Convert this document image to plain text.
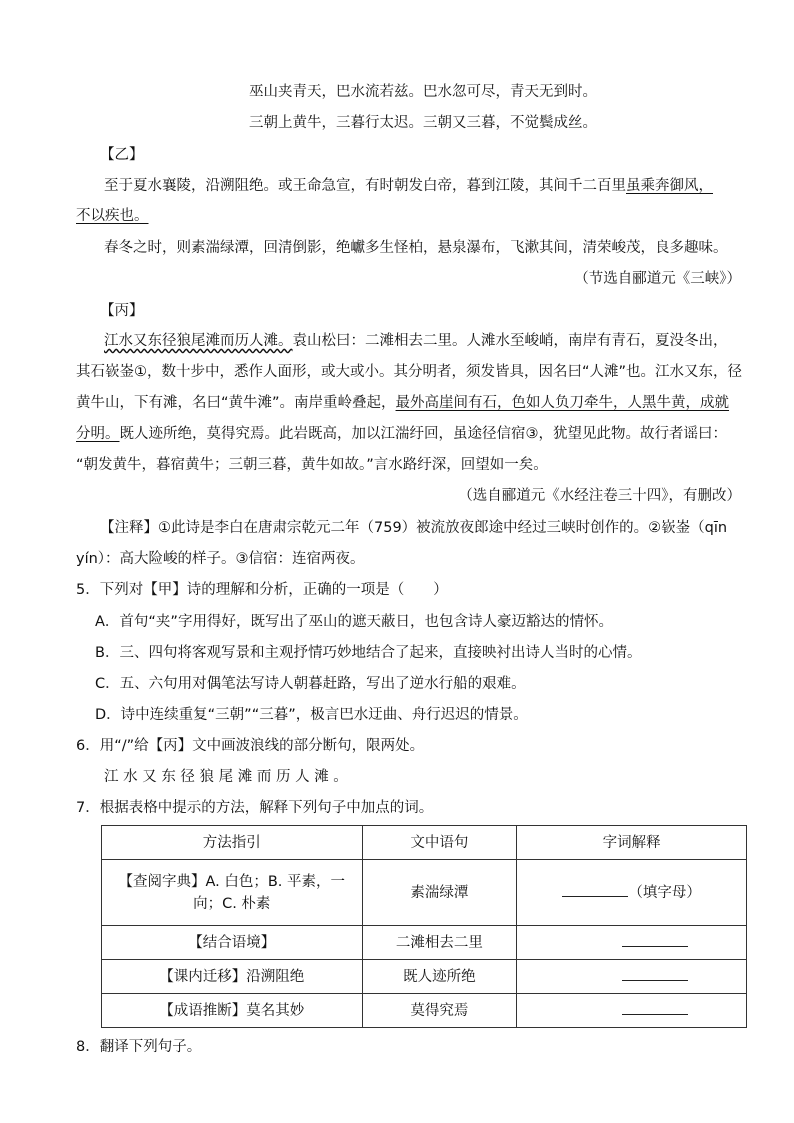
巫山夹青天，巴水流若兹。巴水忽可尽，青天无到时。
三朝上黄牛，三暮行太迟。三朝又三暮，不觉鬓成丝。
【乙】
至于夏水襄陵，沿溯阻绝。或王命急宣，有时朝发白帝，暮到江陵，其间千二百里虽乘奔御风，
不以疾也。
春冬之时，则素湍绿潭，回清倒影，绝巘多生怪柏，悬泉瀑布，飞漱其间，清荣峻茂，良多趣味。
（节选自郦道元《三峡》）
【丙】
江水又东径狼尾滩而历人滩。袁山松曰：二滩相去二里。人滩水至峻峭，南岸有青石，夏没冬出，
其石嵚崟①，数十步中，悉作人面形，或大或小。其分明者，须发皆具，因名曰“人滩”也。江水又东，径
黄牛山，下有滩，名曰“黄牛滩”。南岸重岭叠起，最外高崖间有石，色如人负刀牵牛，人黑牛黄，成就
分明。既人迹所绝，莫得究焉。此岩既高，加以江湍纡回，虽途径信宿③，犹望见此物。故行者谣曰：
“朝发黄牛，暮宿黄牛；三朝三暮，黄牛如故。”言水路纡深，回望如一矣。
（选自郦道元《水经注卷三十四》，有删改）
【注释】①此诗是李白在唐肃宗乾元二年（759）被流放夜郎途中经过三峡时创作的。②嵚崟（qīn
yín）：高大险峻的样子。③信宿：连宿两夜。
5．下列对【甲】诗的理解和分析，正确的一项是（　　）
A．首句“夹”字用得好，既写出了巫山的遮天蔽日，也包含诗人豪迈豁达的情怀。
B．三、四句将客观写景和主观抒情巧妙地结合了起来，直接映衬出诗人当时的心情。
C．五、六句用对偶笔法写诗人朝暮赶路，写出了逆水行船的艰难。
D．诗中连续重复“三朝”“三暮”，极言巴水迂曲、舟行迟迟的情景。
6．用“/”给【丙】文中画波浪线的部分断句，限两处。
江 水 又 东 径 狼 尾 滩 而 历 人 滩 。
7．根据表格中提示的方法，解释下列句子中加点的词。
方法指引	文中语句	字词解释

【查阅字典】A. 白色；B. 平素，一
向；C. 朴素	素湍绿潭	（填字母）
【结合语境】	二滩相去二里	
【课内迁移】沿溯阻绝	既人迹所绝	
【成语推断】莫名其妙	莫得究焉	
8．翻译下列句子。
